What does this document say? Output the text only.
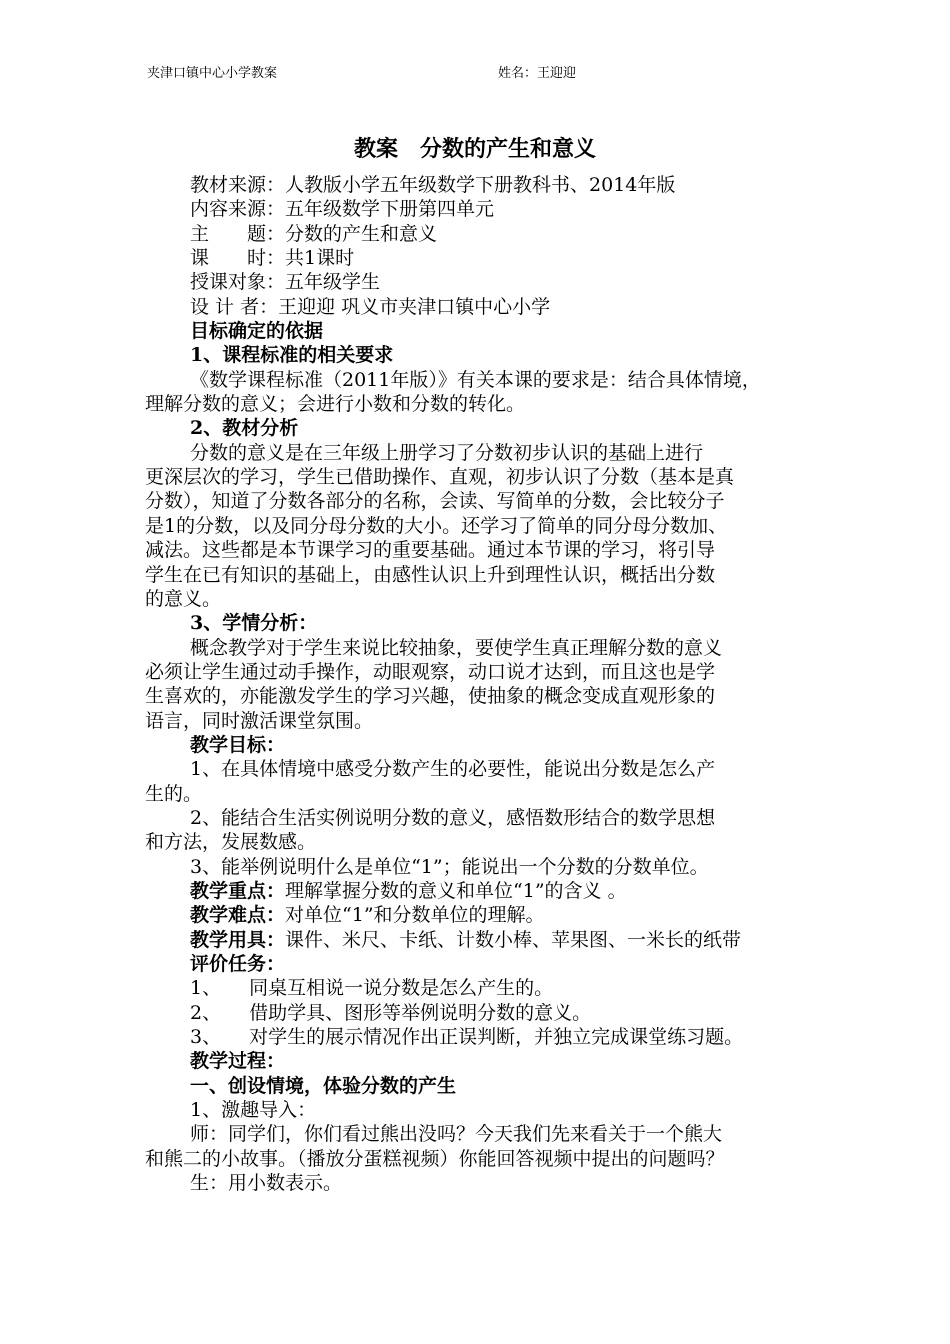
夹津口镇中心小学教案	姓名：王迎迎
教案　分数的产生和意义
教材来源：人教版小学五年级数学下册教科书、2014年版
内容来源：五年级数学下册第四单元
主　　题：分数的产生和意义
课　　时：共1课时
授课对象：五年级学生
设 计 者：王迎迎 巩义市夹津口镇中心小学
目标确定的依据
1、课程标准的相关要求
《数学课程标准（2011年版）》有关本课的要求是：结合具体情境，
理解分数的意义；会进行小数和分数的转化。
2、教材分析
分数的意义是在三年级上册学习了分数初步认识的基础上进行
更深层次的学习，学生已借助操作、直观，初步认识了分数（基本是真
分数），知道了分数各部分的名称，会读、写简单的分数，会比较分子
是1的分数，以及同分母分数的大小。还学习了简单的同分母分数加、
减法。这些都是本节课学习的重要基础。通过本节课的学习，将引导
学生在已有知识的基础上，由感性认识上升到理性认识，概括出分数
的意义。
3、学情分析：
概念教学对于学生来说比较抽象，要使学生真正理解分数的意义
必须让学生通过动手操作，动眼观察，动口说才达到，而且这也是学
生喜欢的，亦能激发学生的学习兴趣，使抽象的概念变成直观形象的
语言，同时激活课堂氛围。
教学目标：
1、在具体情境中感受分数产生的必要性，能说出分数是怎么产
生的。
2、能结合生活实例说明分数的意义，感悟数形结合的数学思想
和方法，发展数感。
3、能举例说明什么是单位“1”；能说出一个分数的分数单位。
教学重点：理解掌握分数的意义和单位“1”的含义 。
教学难点：对单位“1”和分数单位的理解。
教学用具：课件、米尺、卡纸、计数小棒、苹果图、一米长的纸带
评价任务：
1、 同桌互相说一说分数是怎么产生的。
2、 借助学具、图形等举例说明分数的意义。
3、 对学生的展示情况作出正误判断，并独立完成课堂练习题。
教学过程：
一、创设情境，体验分数的产生
1、激趣导入：
师：同学们，你们看过熊出没吗？今天我们先来看关于一个熊大
和熊二的小故事。（播放分蛋糕视频）你能回答视频中提出的问题吗？
生：用小数表示。
